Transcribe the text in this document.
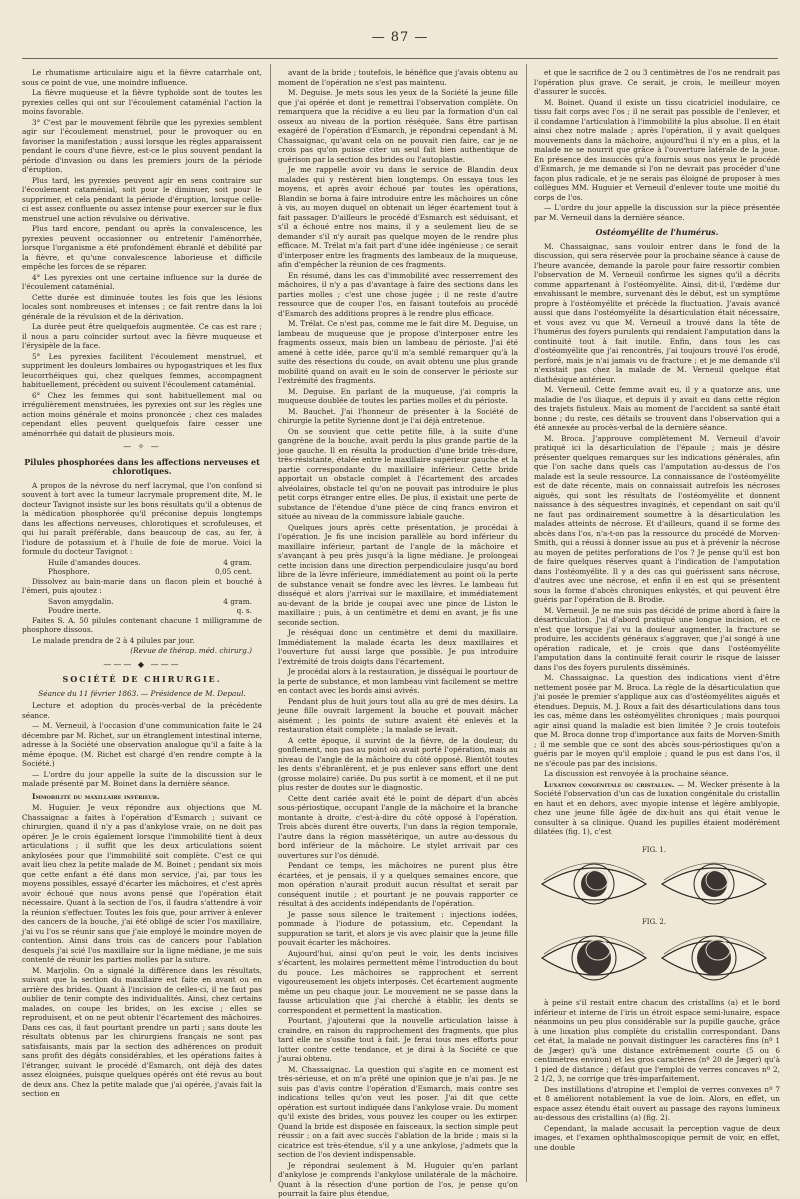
— 87 —

Le rhumatisme articulaire aigu et la fièvre catarrhale ont, sous ce point de vue, une moindre influence.

La fièvre muqueuse et la fièvre typhoïde sont de toutes les pyrexies celles qui ont sur l'écoulement cataménial l'action la moins favorable.

3° C'est par le mouvement fébrile que les pyrexies semblent agir sur l'écoulement menstruel, pour le provoquer ou en favoriser la manifestation ; aussi lorsque les règles apparaissent pendant le cours d'une fièvre, est-ce le plus souvent pendant la période d'invasion ou dans les premiers jours de la période d'éruption.

Plus tard, les pyrexies peuvent agir en sens contraire sur l'écoulement cataménial, soit pour le diminuer, soit pour le supprimer, et cela pendant la période d'éruption, lorsque celle-ci est assez confluente ou assez intense pour exercer sur le flux menstruel une action révulsive ou dérivative.

Plus tard encore, pendant ou après la convalescence, les pyrexies peuvent occasionner ou entretenir l'aménorrhée, lorsque l'organisme a été profondément ébranlé et débilité par la fièvre, et qu'une convalescence laborieuse et difficile empêche les forces de se réparer.

4° Les pyrexies ont une certaine influence sur la durée de l'écoulement cataménial.

Cette durée est diminuée toutes les fois que les lésions locales sont nombreuses et intenses ; ce fait rentre dans la loi générale de la révulsion et de la dérivation.

La durée peut être quelquefois augmentée. Ce cas est rare ; il nous a paru coïncider surtout avec la fièvre muqueuse et l'érysipèle de la face.

5° Les pyrexies facilitent l'écoulement menstruel, et suppriment les douleurs lombaires ou hypogastriques et les flux leucorrhéiques qui, chez quelques femmes, accompagnent habituellement, précèdent ou suivent l'écoulement cataménial.

6° Chez les femmes qui sont habituellement mal ou irrégulièrement menstruées, les pyrexies ont sur les règles une action moins générale et moins prononcée ; chez ces malades cependant elles peuvent quelquefois faire cesser une aménorrhée qui datait de plusieurs mois.

— ✧ —
Pilules phosphorées dans les affections nerveuses et chlorotiques.

A propos de la névrose du nerf lacrymal, que l'on confond si souvent à tort avec la tumeur lacrymale proprement dite, M. le docteur Tavignot insiste sur les bons résultats qu'il a obtenus de la médication phosphorée qu'il préconise depuis longtemps dans les affections nerveuses, chlorotiques et scrofuleuses, et qui lui paraît préférable, dans beaucoup de cas, au fer, à l'iodure de potassium et à l'huile de foie de morue. Voici la formule du docteur Tavignot :

Huile d'amandes douces.	4 gram.
Phosphore.	0,05 cent.

Dissolvez au bain-marie dans un flacon plein et bouché à l'émeri, puis ajoutez :

Savon amygdalin.	4 gram.
Poudre inerte.	q. s.

Faites S. A. 50 pilules contenant chacune 1 milligramme de phosphore dissous.

Le malade prendra de 2 à 4 pilules par jour.

(Revue de thérap. méd. chirurg.)
——— ◆ ———
SOCIÉTÉ DE CHIRURGIE.
Séance du 11 février 1863. — Présidence de M. Depaul.

Lecture et adoption du procès-verbal de la précédente séance.

— M. Verneuil, à l'occasion d'une communication faite le 24 décembre par M. Richet, sur un étranglement intestinal interne, adresse à la Société une observation analogue qu'il a faite à la même époque. (M. Richet est chargé d'en rendre compte à la Société.)

— L'ordre du jour appelle la suite de la discussion sur le malade présenté par M. Boinet dans la dernière séance.

Immobilité du maxillaire inférieur.

M. Huguier. Je veux répondre aux objections que M. Chassaignac a faites à l'opération d'Esmarch ; suivant ce chirurgien, quand il n'y a pas d'ankylose vraie, on ne doit pas opérer. Je le crois également lorsque l'immobilité tient à deux articulations ; il suffit que les deux articulations soient ankylosées pour que l'immobilité soit complète. C'est ce qui avait lieu chez la petite malade de M. Boinet ; pendant six mois que cette enfant a été dans mon service, j'ai, par tous les moyens possibles, essayé d'écarter les mâchoires, et c'est après avoir échoué que nous avons pensé que l'opération était nécessaire. Quant à la section de l'os, il faudra s'attendre à voir la réunion s'effectuer. Toutes les fois que, pour arriver à enlever des cancers de la bouche, j'ai été obligé de scier l'os maxillaire, j'ai vu l'os se réunir sans que j'aie employé le moindre moyen de contention. Ainsi dans trois cas de cancers pour l'ablation desquels j'ai scié l'os maxillaire sur la ligne médiane, je me suis contenté de réunir les parties molles par la suture.

M. Marjolin. On a signalé la différence dans les résultats, suivant que la section du maxillaire est faite en avant ou en arrière des brides. Quant à l'incision de celles-ci, il ne faut pas oublier de tenir compte des individualités. Ainsi, chez certains malades, on coupe les brides, on les excise ; elles se reproduisent, et on ne peut obtenir l'écartement des mâchoires. Dans ces cas, il faut pourtant prendre un parti ; sans doute les résultats obtenus par les chirurgiens français ne sont pas satisfaisants, mais par la section des adhérences on produit sans profit des dégâts considérables, et les opérations faites à l'étranger, suivant le procédé d'Esmarch, ont déjà des dates assez éloignées, puisque quelques opérés ont été revus au bout de deux ans. Chez la petite malade que j'ai opérée, j'avais fait la section en

avant de la bride ; toutefois, le bénéfice que j'avais obtenu au moment de l'opération ne s'est pas maintenu.

M. Deguise. Je mets sous les yeux de la Société la jeune fille que j'ai opérée et dont je remettrai l'observation complète. On remarquera que la récidive a eu lieu par la formation d'un cal osseux au niveau de la portion réséquée. Sans être partisan exagéré de l'opération d'Esmarch, je répondrai cependant à M. Chassaignac, qu'avant cela on ne pouvait rien faire, car je ne crois pas qu'on puisse citer un seul fait bien authentique de guérison par la section des brides ou l'autoplastie.

Je me rappelle avoir vu dans le service de Blandin deux malades qui y restèrent bien longtemps. On essaya tous les moyens, et après avoir échoué par toutes les opérations, Blandin se borna à faire introduire entre les mâchoires un cône à vis, au moyen duquel on obtenait un léger écartement tout à fait passager. D'ailleurs le procédé d'Esmarch est séduisant, et s'il a échoué entre nos mains, il y a seulement lieu de se demander s'il n'y aurait pas quelque moyen de le rendre plus efficace. M. Trélat m'a fait part d'une idée ingénieuse ; ce serait d'interposer entre les fragments des lambeaux de la muqueuse, afin d'empêcher la réunion de ces fragments.

En résumé, dans les cas d'immobilité avec resserrement des mâchoires, il n'y a pas d'avantage à faire des sections dans les parties molles ; c'est une chose jugée ; il ne reste d'autre ressource que de couper l'os, en faisant toutefois au procédé d'Esmarch des additions propres à le rendre plus efficace.

M. Trélat. Ce n'est pas, comme me le fait dire M. Deguise, un lambeau de muqueuse que je propose d'interposer entre les fragments osseux, mais bien un lambeau de périoste. J'ai été amené à cette idée, parce qu'il m'a semblé remarquer qu'à la suite des résections du coude, on avait obtenu une plus grande mobilité quand on avait eu le soin de conserver le périoste sur l'extrémité des fragments.

M. Deguise. En parlant de la muqueuse, j'ai compris la muqueuse doublée de toutes les parties molles et du périoste.

M. Bauchet. J'ai l'honneur de présenter à la Société de chirurgie la petite Syrienne dont je l'ai déjà entretenue.

On se souvient que cette petite fille, à la suite d'une gangrène de la bouche, avait perdu la plus grande partie de la joue gauche. Il en résulta la production d'une bride très-dure, très-résistante, étalée entre le maxillaire supérieur gauche et la partie correspondante du maxillaire inférieur. Cette bride apportait un obstacle complet à l'écartement des arcades alvéolaires, obstacle tel qu'on ne pouvait pas introduire le plus petit corps étranger entre elles. De plus, il existait une perte de substance de l'étendue d'une pièce de cinq francs environ et située au niveau de la commissure labiale gauche.

Quelques jours après cette présentation, je procédai à l'opération. Je fis une incision parallèle au bord inférieur du maxillaire inférieur, partant de l'angle de la mâchoire et s'avançant à peu près jusqu'à la ligne médiane. Je prolongeai cette incision dans une direction perpendiculaire jusqu'au bord libre de la lèvre inférieure, immédiatement au point où la perte de substance venait se fondre avec les lèvres. Le lambeau fut disséqué et alors j'arrivai sur le maxillaire, et immédiatement au-devant de la bride je coupai avec une pince de Liston le maxillaire ; puis, à un centimètre et demi en avant, je fis une seconde section.

Je réséquai donc un centimètre et demi du maxillaire. Immédiatement la malade écarta les deux maxillaires et l'ouverture fut aussi large que possible. Je pus introduire l'extrémité de trois doigts dans l'écartement.

Je procédai alors à la restauration, je disséquai le pourtour de la perte de substance, et mon lambeau vint facilement se mettre en contact avec les bords ainsi avivés.

Pendant plus de huit jours tout alla au gré de mes désirs. La jeune fille ouvrait largement la bouche et pouvait mâcher aisément ; les points de suture avaient été enlevés et la restauration était complète ; la malade se levait.

A cette époque, il survint de la fièvre, de la douleur, du gonflement, non pas au point où avait porté l'opération, mais au niveau de l'angle de la mâchoire du côté opposé. Bientôt toutes les dents s'ébranlèrent, et je pus enlever sans effort une dent (grosse molaire) cariée. Du pus sortit à ce moment, et il ne put plus rester de doutes sur le diagnostic.

Cette dent cariée avait été le point de départ d'un abcès sous-périostique, occupant l'angle de la mâchoire et la branche montante à droite, c'est-à-dire du côté opposé à l'opération. Trois abcès durent être ouverts, l'un dans la région temporale, l'autre dans la région massétérique, un autre au-dessous du bord inférieur de la mâchoire. Le stylet arrivait par ces ouvertures sur l'os dénudé.

Pendant ce temps, les mâchoires ne purent plus être écartées, et je pensais, il y a quelques semaines encore, que mon opération n'aurait produit aucun résultat et serait par conséquent inutile ; et pourtant je ne pouvais rapporter ce résultat à des accidents indépendants de l'opération.

Je passe sous silence le traitement : injections iodées, pommade à l'iodure de potassium, etc. Cependant la suppuration se tarit, et alors je vis avec plaisir que la jeune fille pouvait écarter les mâchoires.

Aujourd'hui, ainsi qu'on peut le voir, les dents incisives s'écartent, les molaires permettent même l'introduction du bout du pouce. Les mâchoires se rapprochent et serrent vigoureusement les objets interposés. Cet écartement augmente même un peu chaque jour. Le mouvement ne se passe dans la fausse articulation que j'ai cherché à établir, les dents se correspondent et permettent la mastication.

Pourtant, j'ajouterai que la nouvelle articulation laisse à craindre, en raison du rapprochement des fragments, que plus tard elle ne s'ossifie tout à fait. Je ferai tous mes efforts pour lutter contre cette tendance, et je dirai à la Société ce que j'aurai obtenu.

M. Chassaignac. La question qui s'agite en ce moment est très-sérieuse, et on m'a prêté une opinion que je n'ai pas. Je ne suis pas d'avis contre l'opération d'Esmarch, mais contre ses indications telles qu'on veut les poser. J'ai dit que cette opération est surtout indiquée dans l'ankylose vraie. Du moment qu'il existe des brides, vous pouvez les couper ou les extirper. Quand la bride est disposée en faisceaux, la section simple peut réussir ; on a fait avec succès l'ablation de la bride ; mais si la cicatrice est très-étendue, s'il y a une ankylose, j'admets que la section de l'os devient indispensable.

Je répondrai seulement à M. Huguier qu'en parlant d'ankylose je comprends l'ankylose unilatérale de la mâchoire. Quant à la résection d'une portion de l'os, je pense qu'on pourrait la faire plus étendue,

et que le sacrifice de 2 ou 3 centimètres de l'os ne rendrait pas l'opération plus grave. Ce serait, je crois, le meilleur moyen d'assurer le succès.

M. Boinet. Quand il existe un tissu cicatriciel inodulaire, ce tissu fait corps avec l'os ; il ne serait pas possible de l'enlever, et il condamne l'articulation à l'immobilité la plus absolue. Il en était ainsi chez notre malade ; après l'opération, il y avait quelques mouvements dans la mâchoire, aujourd'hui il n'y en a plus, et la malade ne se nourrit que grâce à l'ouverture latérale de la joue. En présence des insuccès qu'a fournis sous nos yeux le procédé d'Esmarch, je me demande si l'on ne devrait pas procéder d'une façon plus radicale, et je ne serais pas éloigné de proposer à mes collègues MM. Huguier et Verneuil d'enlever toute une moitié du corps de l'os.

— L'ordre du jour appelle la discussion sur la pièce présentée par M. Verneuil dans la dernière séance.

Ostéomyélite de l'humérus.

M. Chassaignac, sans vouloir entrer dans le fond de la discussion, qui sera réservée pour la prochaine séance à cause de l'heure avancée, demande la parole pour faire ressortir combien l'observation de M. Verneuil confirme les signes qu'il a décrits comme appartenant à l'ostéomyélite. Ainsi, dit-il, l'œdème dur envahissant le membre, survenant dès le début, est un symptôme propre à l'ostéomyélite et précède la fluctuation. J'avais avancé aussi que dans l'ostéomyélite la désarticulation était nécessaire, et vous avez vu que M. Verneuil a trouvé dans la tête de l'humérus des foyers purulents qui rendaient l'amputation dans la continuité tout à fait inutile. Enfin, dans tous les cas d'ostéomyélite que j'ai rencontrés, j'ai toujours trouvé l'os érodé, perforé, mais je n'ai jamais vu de fracture ; et je me demande s'il n'existait pas chez la malade de M. Verneuil quelque état diathésique antérieur.

M. Verneuil. Cette femme avait eu, il y a quatorze ans, une maladie de l'os iliaque, et depuis il y avait eu dans cette région des trajets fistuleux. Mais au moment de l'accident sa santé était bonne ; du reste, ces détails se trouvent dans l'observation qui a été annexée au procès-verbal de la dernière séance.

M. Broca. J'approuve complètement M. Verneuil d'avoir pratiqué ici la désarticulation de l'épaule ; mais je désire présenter quelques remarques sur les indications générales, afin que l'on sache dans quels cas l'amputation au-dessus de l'os malade est la seule ressource. La connaissance de l'ostéomyélite est de date récente, mais on connaissait autrefois les nécroses aiguës, qui sont les résultats de l'ostéomyélite et donnent naissance à des séquestres invaginés, et cependant on sait qu'il ne faut pas ordinairement soumettre à la désarticulation les malades atteints de nécrose. Et d'ailleurs, quand il se forme des abcès dans l'os, n'a-t-on pas la ressource du procédé de Morven-Smith, qui a réussi à donner issue au pus et à prévenir la nécrose au moyen de petites perforations de l'os ? Je pense qu'il est bon de faire quelques réserves quant à l'indication de l'amputation dans l'ostéomyélite. Il y a des cas qui guérissent sans nécrose, d'autres avec une nécrose, et enfin il en est qui se présentent sous la forme d'abcès chroniques enkystés, et qui peuvent être guéris par l'opération de B. Brodie.

M. Verneuil. Je ne me suis pas décidé de prime abord à faire la désarticulation. J'ai d'abord pratiqué une longue incision, et ce n'est que lorsque j'ai vu la douleur augmenter, la fracture se produire, les accidents généraux s'aggraver, que j'ai songé à une opération radicale, et je crois que dans l'ostéomyélite l'amputation dans la continuité ferait courir le risque de laisser dans l'os des foyers purulents disséminés.

M. Chassaignac. La question des indications vient d'être nettement posée par M. Broca. La règle de la désarticulation que j'ai posée le premier s'applique aux cas d'ostéomyélites aiguës et étendues. Depuis, M. J. Roux a fait des désarticulations dans tous les cas, même dans les ostéomyélites chroniques ; mais pourquoi agir ainsi quand la maladie est bien limitée ? Je crois toutefois que M. Broca donne trop d'importance aux faits de Morven-Smith ; il me semble que ce sont des abcès sous-périostiques qu'on a guéris par le moyen qu'il emploie ; quand le pus est dans l'os, il ne s'écoule pas par des incisions.

La discussion est renvoyée à la prochaine séance.

Luxation congénitale du cristallin. — M. Wecker présente à la Société l'observation d'un cas de luxation congénitale du cristallin en haut et en dehors, avec myopie intense et légère amblyopie, chez une jeune fille âgée de dix-huit ans qui était venue le consulter à sa clinique. Quand les pupilles étaient modérément dilatées (fig. 1), c'est

FIG. 1.
FIG. 2.

à peine s'il restait entre chacun des cristallins (a) et le bord inférieur et interne de l'iris un étroit espace semi-lunaire, espace néanmoins un peu plus considérable sur la pupille gauche, grâce à une luxation plus complète du cristallin correspondant. Dans cet état, la malade ne pouvait distinguer les caractères fins (nº 1 de Jæger) qu'à une distance extrêmement courte (5 ou 6 centimètres environ) et les gros caractères (nº 20 de Jæger) qu'à 1 pied de distance ; défaut que l'emploi de verres concaves nº 2, 2 1/2, 3, ne corrige que très-imparfaitement.

Des instillations d'atropine et l'emploi de verres convexes nº 7 et 8 améliorent notablement la vue de loin. Alors, en effet, un espace assez étendu était ouvert au passage des rayons lumineux au-dessous des cristallins (a) (fig. 2).

Cependant, la malade accusait la perception vague de deux images, et l'examen ophthalmoscopique permit de voir, en effet, une double
